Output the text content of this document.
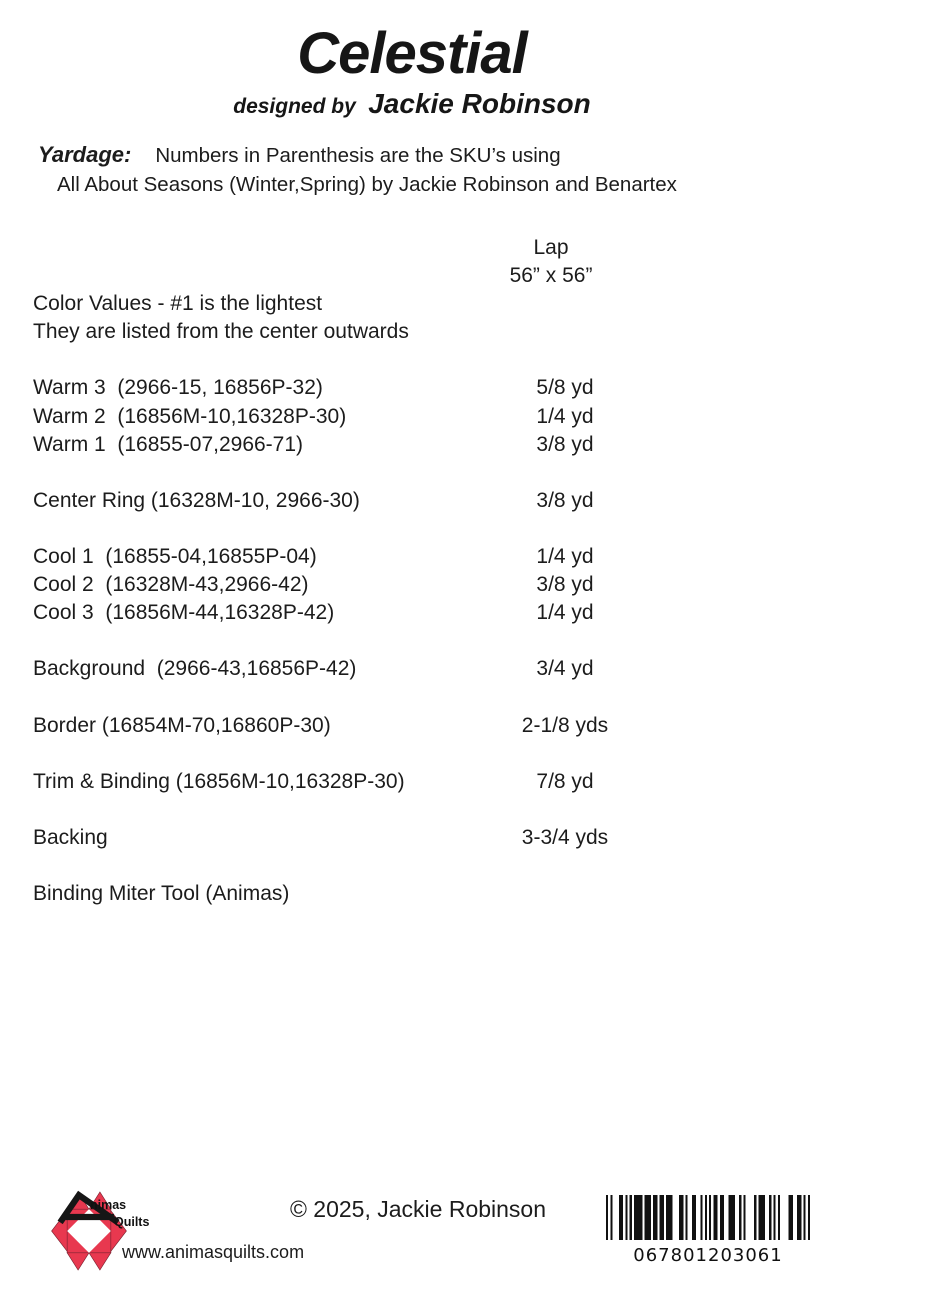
Celestial
designed by Jackie Robinson
Yardage: Numbers in Parenthesis are the SKU’s using
All About Seasons (Winter,Spring) by Jackie Robinson and Benartex
Lap
56” x 56”
Color Values - #1 is the lightest
They are listed from the center outwards
Warm 3  (2966-15, 16856P-32)	5/8 yd
Warm 2  (16856M-10,16328P-30)	1/4 yd
Warm 1  (16855-07,2966-71)	3/8 yd
Center Ring (16328M-10, 2966-30)	3/8 yd
Cool 1  (16855-04,16855P-04)	1/4 yd
Cool 2  (16328M-43,2966-42)	3/8 yd
Cool 3  (16856M-44,16328P-42)	1/4 yd
Background  (2966-43,16856P-42)	3/4 yd
Border (16854M-70,16860P-30)	2-1/8 yds
Trim & Binding (16856M-10,16328P-30)	7/8 yd
Backing	3-3/4 yds
Binding Miter Tool (Animas)
nimas
Quilts
www.animasquilts.com
© 2025, Jackie Robinson
067801203061
